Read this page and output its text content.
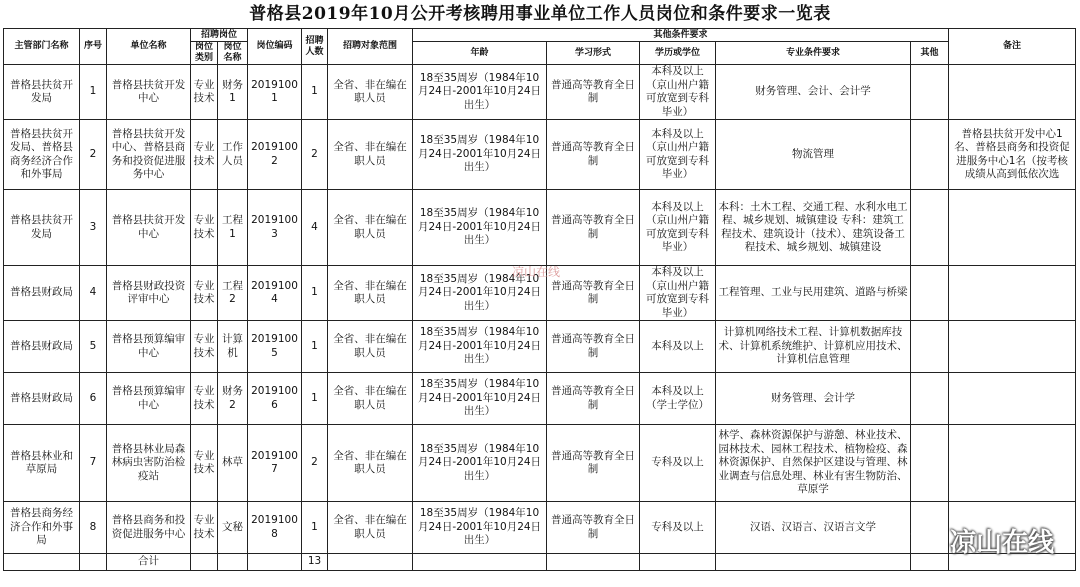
普格县2019年10月公开考核聘用事业单位工作人员岗位和条件要求一览表
主管部门名称	序号	单位名称	招聘岗位		岗位编码	招聘人数	招聘对象范围	其他条件要求					备注
			岗位类别	岗位名称				年龄	学习形式	学历或学位	专业条件要求	其他	

普格县扶贫开发局	1	普格县扶贫开发中心	专业技术	财务1	20191001	1	全省、非在编在职人员	18至35周岁（1984年10月24日-2001年10月24日出生）	普通高等教育全日制	本科及以上（京山州户籍可放宽到专科毕业）	财务管理、会计、会计学		
普格县扶贫开发局、普格县商务经济合作和外事局	2	普格县扶贫开发中心、普格县商务和投资促进服务中心	专业技术	工作人员	20191002	2	全省、非在编在职人员	18至35周岁（1984年10月24日-2001年10月24日出生）	普通高等教育全日制	本科及以上（京山州户籍可放宽到专科毕业）	物流管理		普格县扶贫开发中心1名、普格县商务和投资促进服务中心1名（按考核成绩从高到低依次选
普格县扶贫开发局	3	普格县扶贫开发中心	专业技术	工程1	20191003	4	全省、非在编在职人员	18至35周岁（1984年10月24日-2001年10月24日出生）	普通高等教育全日制	本科及以上（京山州户籍可放宽到专科毕业）	本科：土木工程、交通工程、水利水电工程、城乡规划、城镇建设 专科：建筑工程技术、建筑设计（技术）、建筑设备工程技术、城乡规划、城镇建设		
普格县财政局	4	普格县财政投资评审中心	专业技术	工程2	20191004	1	全省、非在编在职人员	18至35周岁（1984年10月24日-2001年10月24日出生）	普通高等教育全日制	本科及以上（京山州户籍可放宽到专科毕业）	工程管理、工业与民用建筑、道路与桥梁		
普格县财政局	5	普格县预算编审中心	专业技术	计算机	20191005	1	全省、非在编在职人员	18至35周岁（1984年10月24日-2001年10月24日出生）	普通高等教育全日制	本科及以上	计算机网络技术工程、计算机数据库技术、计算机系统维护、计算机应用技术、计算机信息管理		
普格县财政局	6	普格县预算编审中心	专业技术	财务2	20191006	1	全省、非在编在职人员	18至35周岁（1984年10月24日-2001年10月24日出生）	普通高等教育全日制	本科及以上（学士学位）	财务管理、会计学		
普格县林业和草原局	7	普格县林业局森林病虫害防治检疫站	专业技术	林草	20191007	2	全省、非在编在职人员	18至35周岁（1984年10月24日-2001年10月24日出生）	普通高等教育全日制	专科及以上	林学、森林资源保护与游憩、林业技术、园林技术、园林工程技术、植物检疫、森林资源保护、自然保护区建设与管理、林业调查与信息处理、林业有害生物防治、草原学		
普格县商务经济合作和外事局	8	普格县商务和投资促进服务中心	专业技术	文秘	20191008	1	全省、非在编在职人员	18至35周岁（1984年10月24日-2001年10月24日出生）	普通高等教育全日制	专科及以上	汉语、汉语言、汉语言文学		
		合计				13							
凉山在线
凉山在线
